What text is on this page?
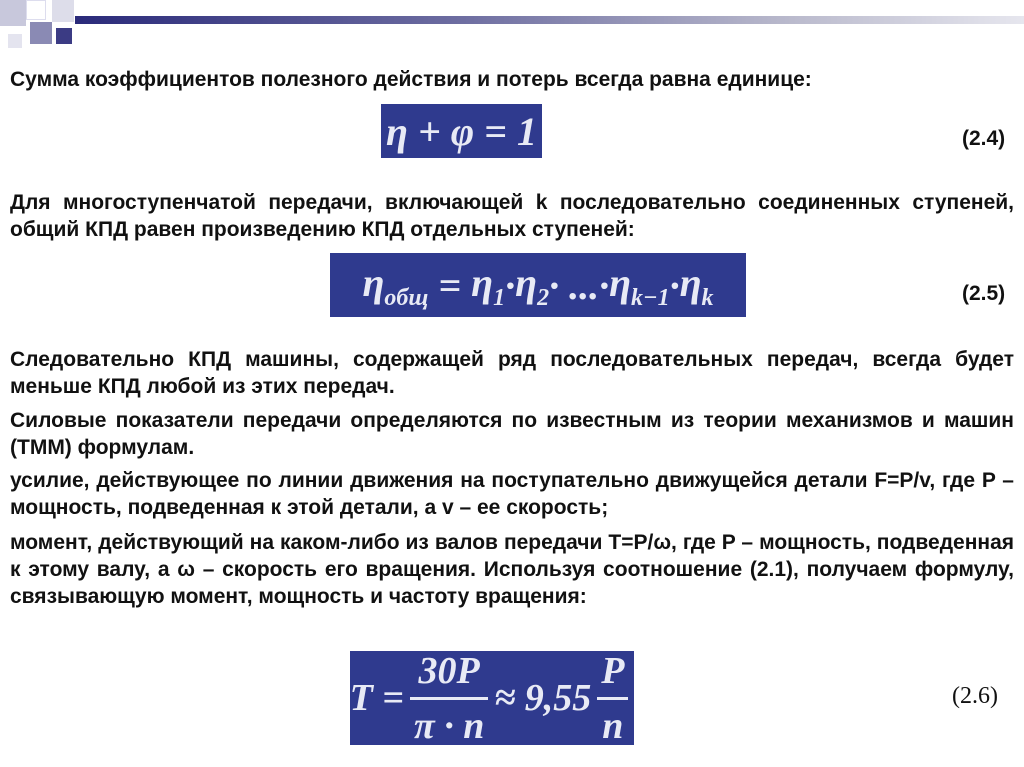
Сумма коэффициентов полезного действия и потерь всегда равна единице:

η + φ = 1	(2.4)

Для многоступенчатой передачи, включающей k последовательно соединенных ступеней, общий КПД равен произведению КПД отдельных ступеней:

$\eta_{общ} = \eta_1 \cdot \eta_2$ · ...· $\eta_{k-1} \cdot \eta_k$	(2.5)

Следовательно КПД машины, содержащей ряд последовательных передач, всегда будет меньше КПД любой из этих передач.

Силовые показатели передачи определяются по известным из теории механизмов и машин (ТММ) формулам.

усилие, действующее по линии движения на поступательно движущейся детали F=P/v, где P – мощность, подведенная к этой детали, а v – ее скорость;

момент, действующий на каком-либо из валов передачи T=P/ω, где P – мощность, подведенная к этому валу, а ω – скорость его вращения. Используя соотношение (2.1), получаем формулу, связывающую момент, мощность и частоту вращения:

$T = \frac{30P}{\pi \cdot n} \approx 9,55 \frac{P}{n}$	(2.6)
